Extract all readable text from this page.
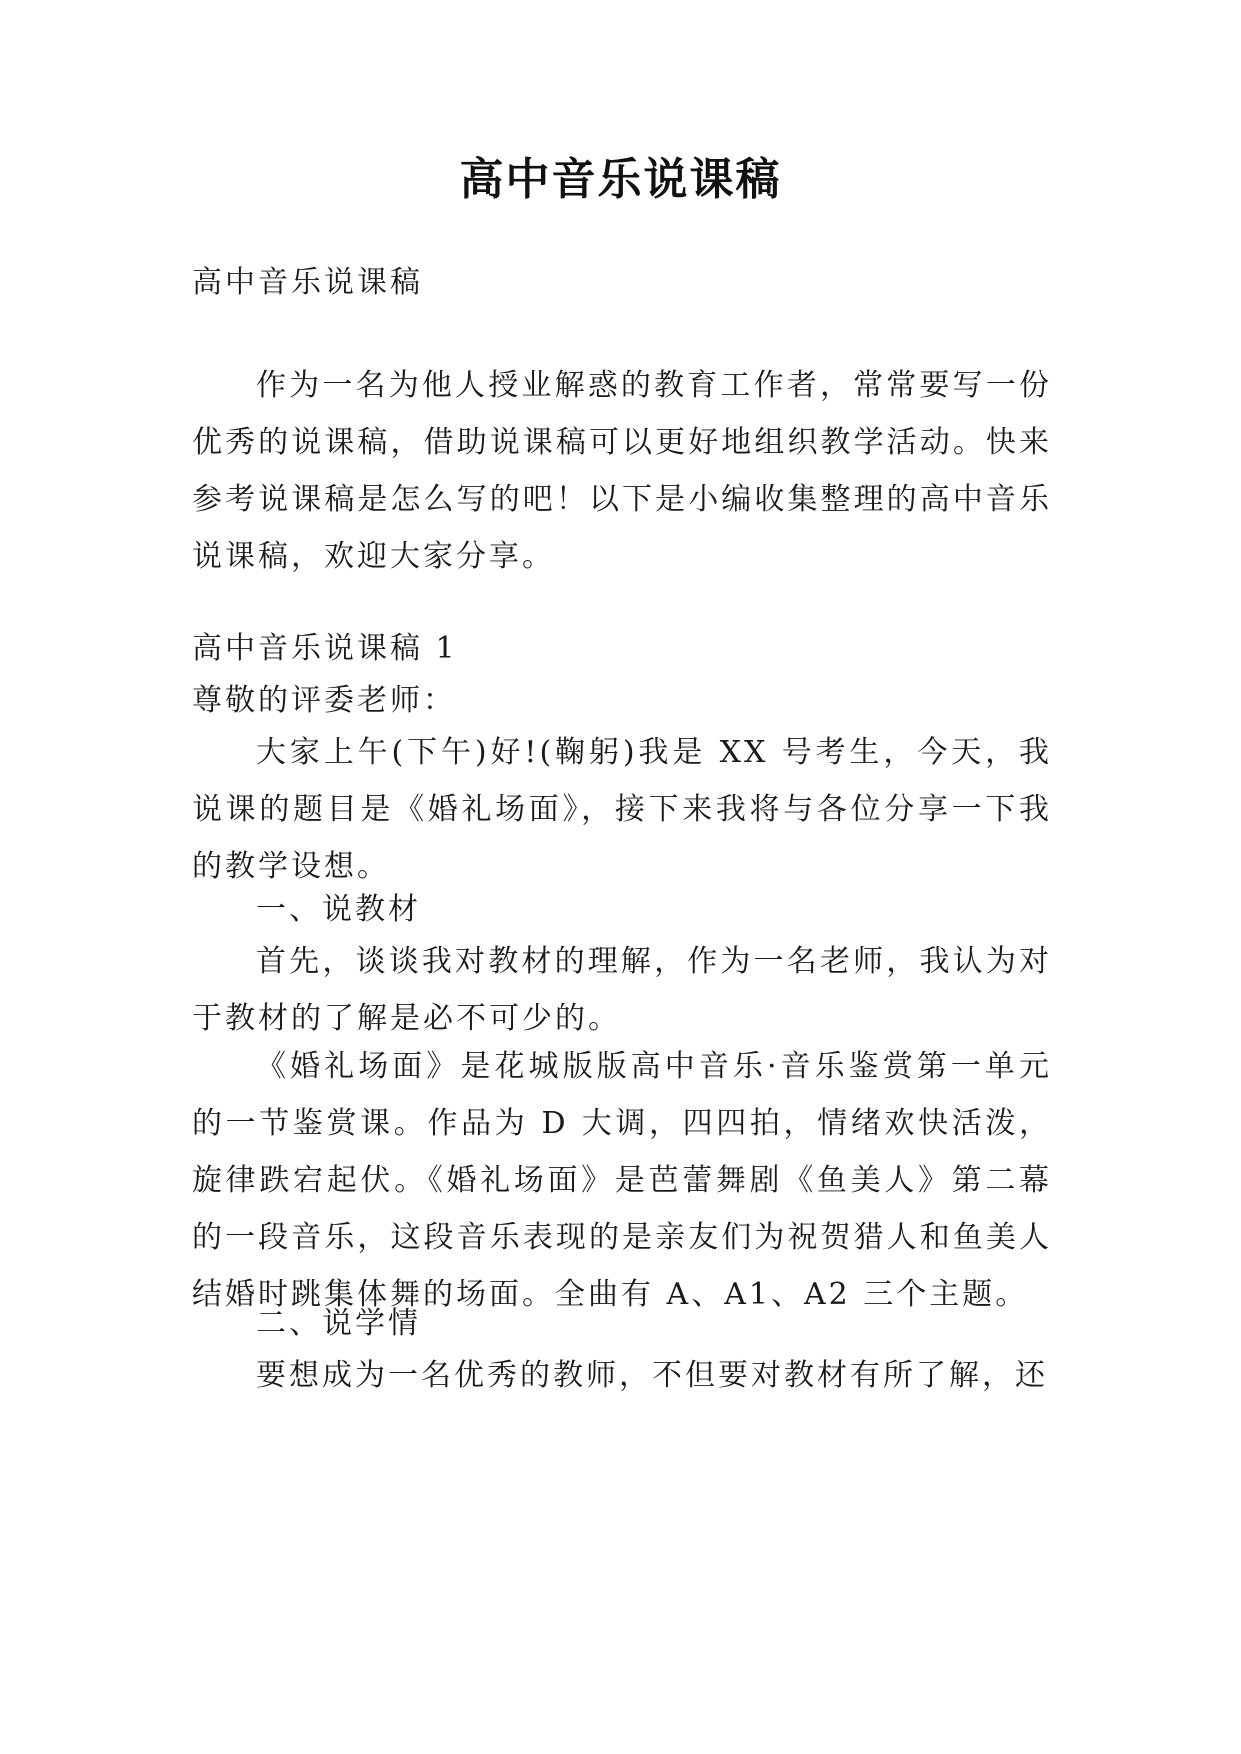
高中音乐说课稿

高中音乐说课稿

作为一名为他人授业解惑的教育工作者，常常要写一份优秀的说课稿，借助说课稿可以更好地组织教学活动。快来参考说课稿是怎么写的吧！以下是小编收集整理的高中音乐说课稿，欢迎大家分享。

高中音乐说课稿 1

尊敬的评委老师：

大家上午(下午)好!(鞠躬)我是 XX 号考生，今天，我说课的题目是《婚礼场面》，接下来我将与各位分享一下我的教学设想。

一、说教材

首先，谈谈我对教材的理解，作为一名老师，我认为对于教材的了解是必不可少的。

《婚礼场面》是花城版版高中音乐·音乐鉴赏第一单元的一节鉴赏课。作品为 D 大调，四四拍，情绪欢快活泼，旋律跌宕起伏。《婚礼场面》是芭蕾舞剧《鱼美人》第二幕的一段音乐，这段音乐表现的是亲友们为祝贺猎人和鱼美人结婚时跳集体舞的场面。全曲有 A、A1、A2 三个主题。

二、说学情

要想成为一名优秀的教师，不但要对教材有所了解，还
